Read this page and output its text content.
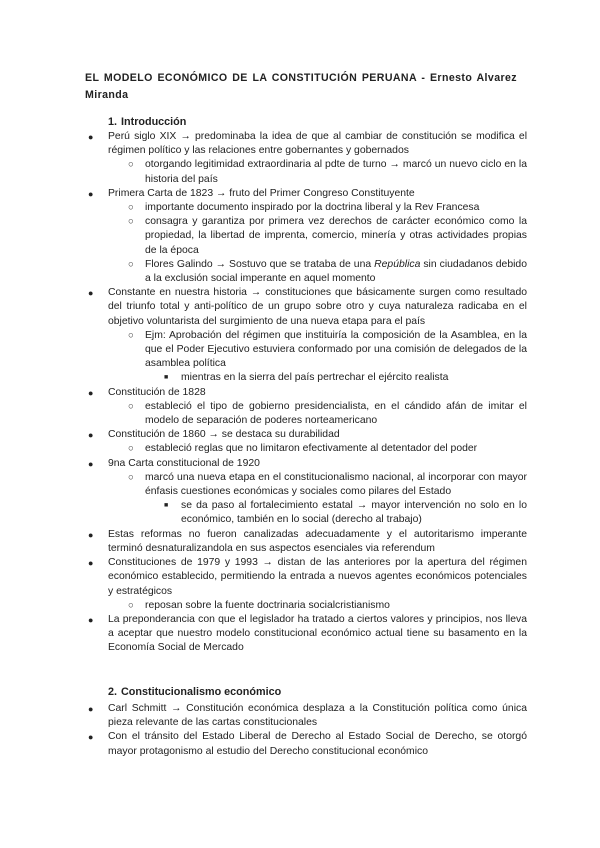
EL MODELO ECONÓMICO DE LA CONSTITUCIÓN PERUANA - Ernesto Alvarez Miranda
1. Introducción
● Perú siglo XIX → predominaba la idea de que al cambiar de constitución se modifica el régimen político y las relaciones entre gobernantes y gobernados
○ otorgando legitimidad extraordinaria al pdte de turno → marcó un nuevo ciclo en la historia del país
● Primera Carta de 1823 → fruto del Primer Congreso Constituyente
○ importante documento inspirado por la doctrina liberal y la Rev Francesa
○ consagra y garantiza por primera vez derechos de carácter económico como la propiedad, la libertad de imprenta, comercio, minería y otras actividades propias de la época
○ Flores Galindo → Sostuvo que se trataba de una República sin ciudadanos debido a la exclusión social imperante en aquel momento
● Constante en nuestra historia → constituciones que básicamente surgen como resultado del triunfo total y anti-político de un grupo sobre otro y cuya naturaleza radicaba en el objetivo voluntarista del surgimiento de una nueva etapa para el país
○ Ejm: Aprobación del régimen que instituiría la composición de la Asamblea, en la que el Poder Ejecutivo estuviera conformado por una comisión de delegados de la asamblea política
■ mientras en la sierra del país pertrechar el ejército realista
● Constitución de 1828
○ estableció el tipo de gobierno presidencialista, en el cándido afán de imitar el modelo de separación de poderes norteamericano
● Constitución de 1860 → se destaca su durabilidad
○ estableció reglas que no limitaron efectivamente al detentador del poder
● 9na Carta constitucional de 1920
○ marcó una nueva etapa en el constitucionalismo nacional, al incorporar con mayor énfasis cuestiones económicas y sociales como pilares del Estado
■ se da paso al fortalecimiento estatal → mayor intervención no solo en lo económico, también en lo social (derecho al trabajo)
● Estas reformas no fueron canalizadas adecuadamente y el autoritarismo imperante terminó desnaturalizandola en sus aspectos esenciales via referendum
● Constituciones de 1979 y 1993 → distan de las anteriores por la apertura del régimen económico establecido, permitiendo la entrada a nuevos agentes económicos potenciales y estratégicos
○ reposan sobre la fuente doctrinaria socialcristianismo
● La preponderancia con que el legislador ha tratado a ciertos valores y principios, nos lleva a aceptar que nuestro modelo constitucional económico actual tiene su basamento en la Economía Social de Mercado
2. Constitucionalismo económico
● Carl Schmitt → Constitución económica desplaza a la Constitución política como única pieza relevante de las cartas constitucionales
● Con el tránsito del Estado Liberal de Derecho al Estado Social de Derecho, se otorgó mayor protagonismo al estudio del Derecho constitucional económico
